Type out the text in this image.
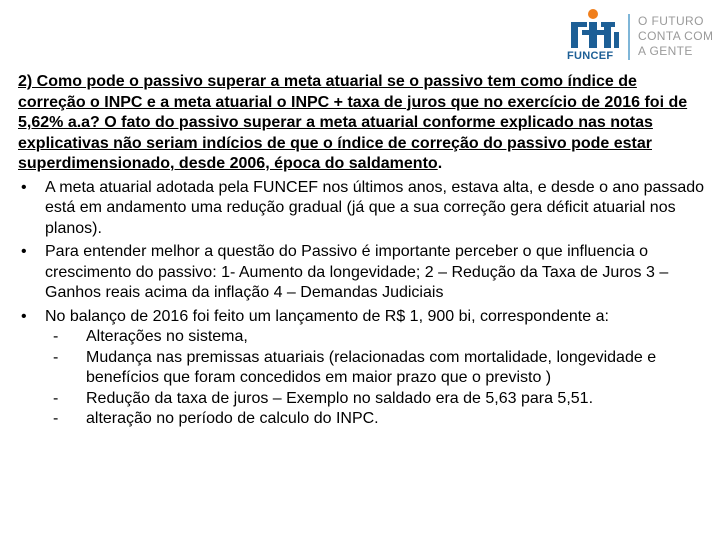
FUNCEF
O FUTURO
CONTA COM
A GENTE

2) Como pode o passivo superar a meta atuarial se o passivo tem como índice de correção o INPC e a meta atuarial o INPC + taxa de juros que no exercício de 2016 foi de 5,62% a.a? O fato do passivo superar a meta atuarial conforme explicado nas notas explicativas não seriam indícios de que o índice de correção do passivo pode estar superdimensionado, desde 2006, época do saldamento.

• A meta atuarial adotada pela FUNCEF nos últimos anos, estava alta, e desde o ano passado está em andamento uma redução gradual (já que a sua correção gera déficit atuarial nos planos).
• Para entender melhor a questão do Passivo é importante perceber o que influencia o crescimento do passivo: 1- Aumento da longevidade; 2 – Redução da Taxa de Juros 3 – Ganhos reais acima da inflação 4 – Demandas Judiciais
• No balanço de 2016 foi feito um lançamento de R$ 1, 900 bi, correspondente a:
- Alterações no sistema,
- Mudança nas premissas atuariais (relacionadas com mortalidade, longevidade e benefícios que foram concedidos em maior prazo que o previsto )
- Redução da taxa de juros – Exemplo no saldado era de 5,63 para 5,51.
- alteração no período de calculo do INPC.
